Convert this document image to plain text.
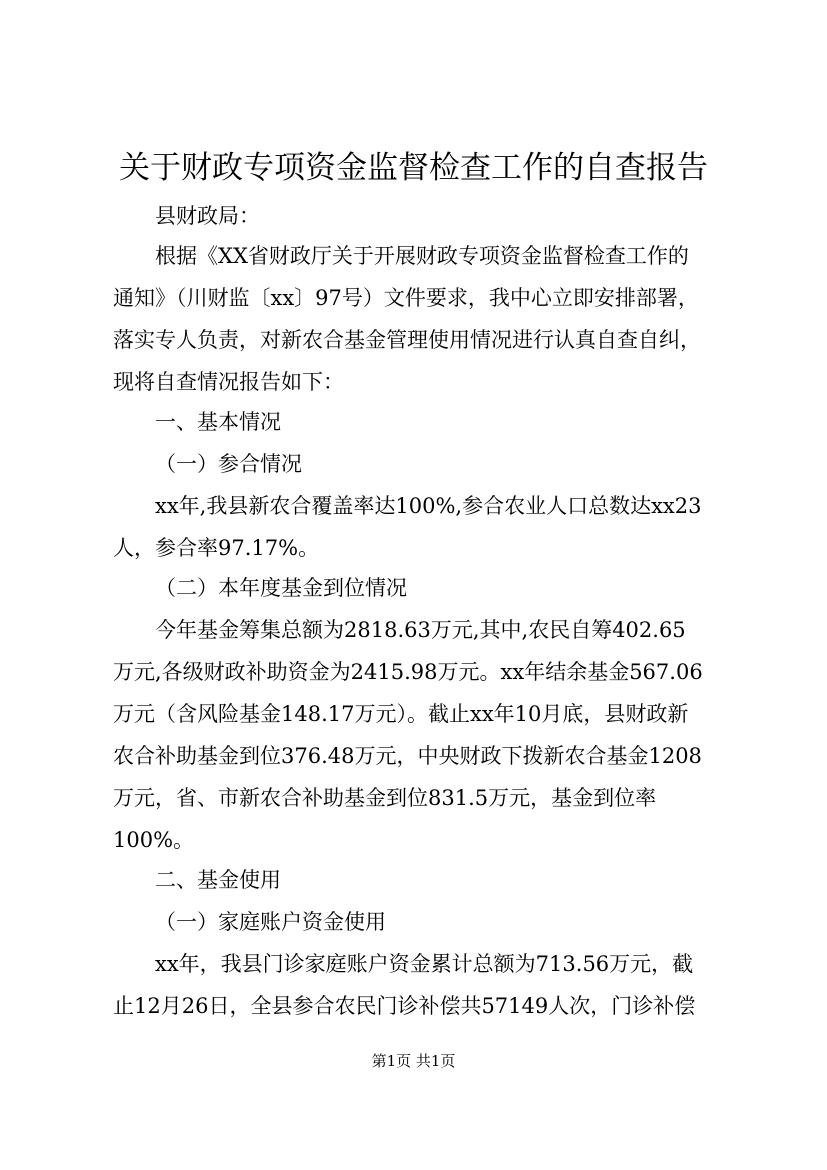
关于财政专项资金监督检查工作的自查报告
县财政局：
根据《XX省财政厅关于开展财政专项资金监督检查工作的
通知》（川财监〔xx〕97号）文件要求，我中心立即安排部署，
落实专人负责，对新农合基金管理使用情况进行认真自查自纠，
现将自查情况报告如下：
一、基本情况
（一）参合情况
xx年,我县新农合覆盖率达100%,参合农业人口总数达xx23
人，参合率97.17%。
（二）本年度基金到位情况
今年基金筹集总额为2818.63万元,其中,农民自筹402.65
万元,各级财政补助资金为2415.98万元。xx年结余基金567.06
万元（含风险基金148.17万元）。截止xx年10月底，县财政新
农合补助基金到位376.48万元，中央财政下拨新农合基金1208
万元，省、市新农合补助基金到位831.5万元，基金到位率
100%。
二、基金使用
（一）家庭账户资金使用
xx年，我县门诊家庭账户资金累计总额为713.56万元，截
止12月26日，全县参合农民门诊补偿共57149人次，门诊补偿
第1页 共1页
